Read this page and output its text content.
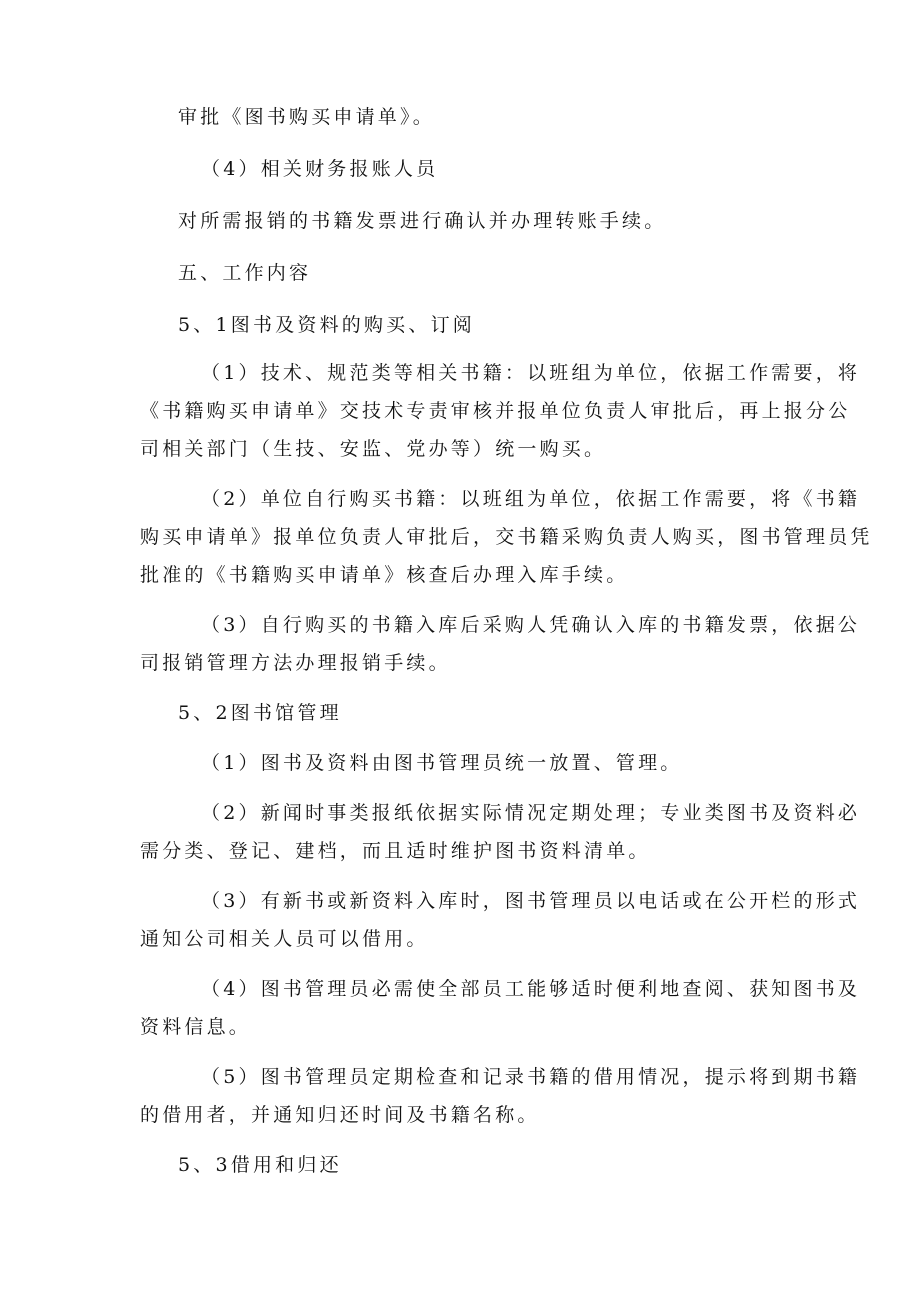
审批《图书购买申请单》。

（4）相关财务报账人员

对所需报销的书籍发票进行确认并办理转账手续。

五、工作内容

5、1图书及资料的购买、订阅

（1）技术、规范类等相关书籍：以班组为单位，依据工作需要，将

《书籍购买申请单》交技术专责审核并报单位负责人审批后，再上报分公

司相关部门（生技、安监、党办等）统一购买。

（2）单位自行购买书籍：以班组为单位，依据工作需要，将《书籍

购买申请单》报单位负责人审批后，交书籍采购负责人购买，图书管理员凭

批准的《书籍购买申请单》核查后办理入库手续。

（3）自行购买的书籍入库后采购人凭确认入库的书籍发票，依据公

司报销管理方法办理报销手续。

5、2图书馆管理

（1）图书及资料由图书管理员统一放置、管理。

（2）新闻时事类报纸依据实际情况定期处理；专业类图书及资料必

需分类、登记、建档，而且适时维护图书资料清单。

（3）有新书或新资料入库时，图书管理员以电话或在公开栏的形式

通知公司相关人员可以借用。

（4）图书管理员必需使全部员工能够适时便利地查阅、获知图书及

资料信息。

（5）图书管理员定期检查和记录书籍的借用情况，提示将到期书籍

的借用者，并通知归还时间及书籍名称。

5、3借用和归还
